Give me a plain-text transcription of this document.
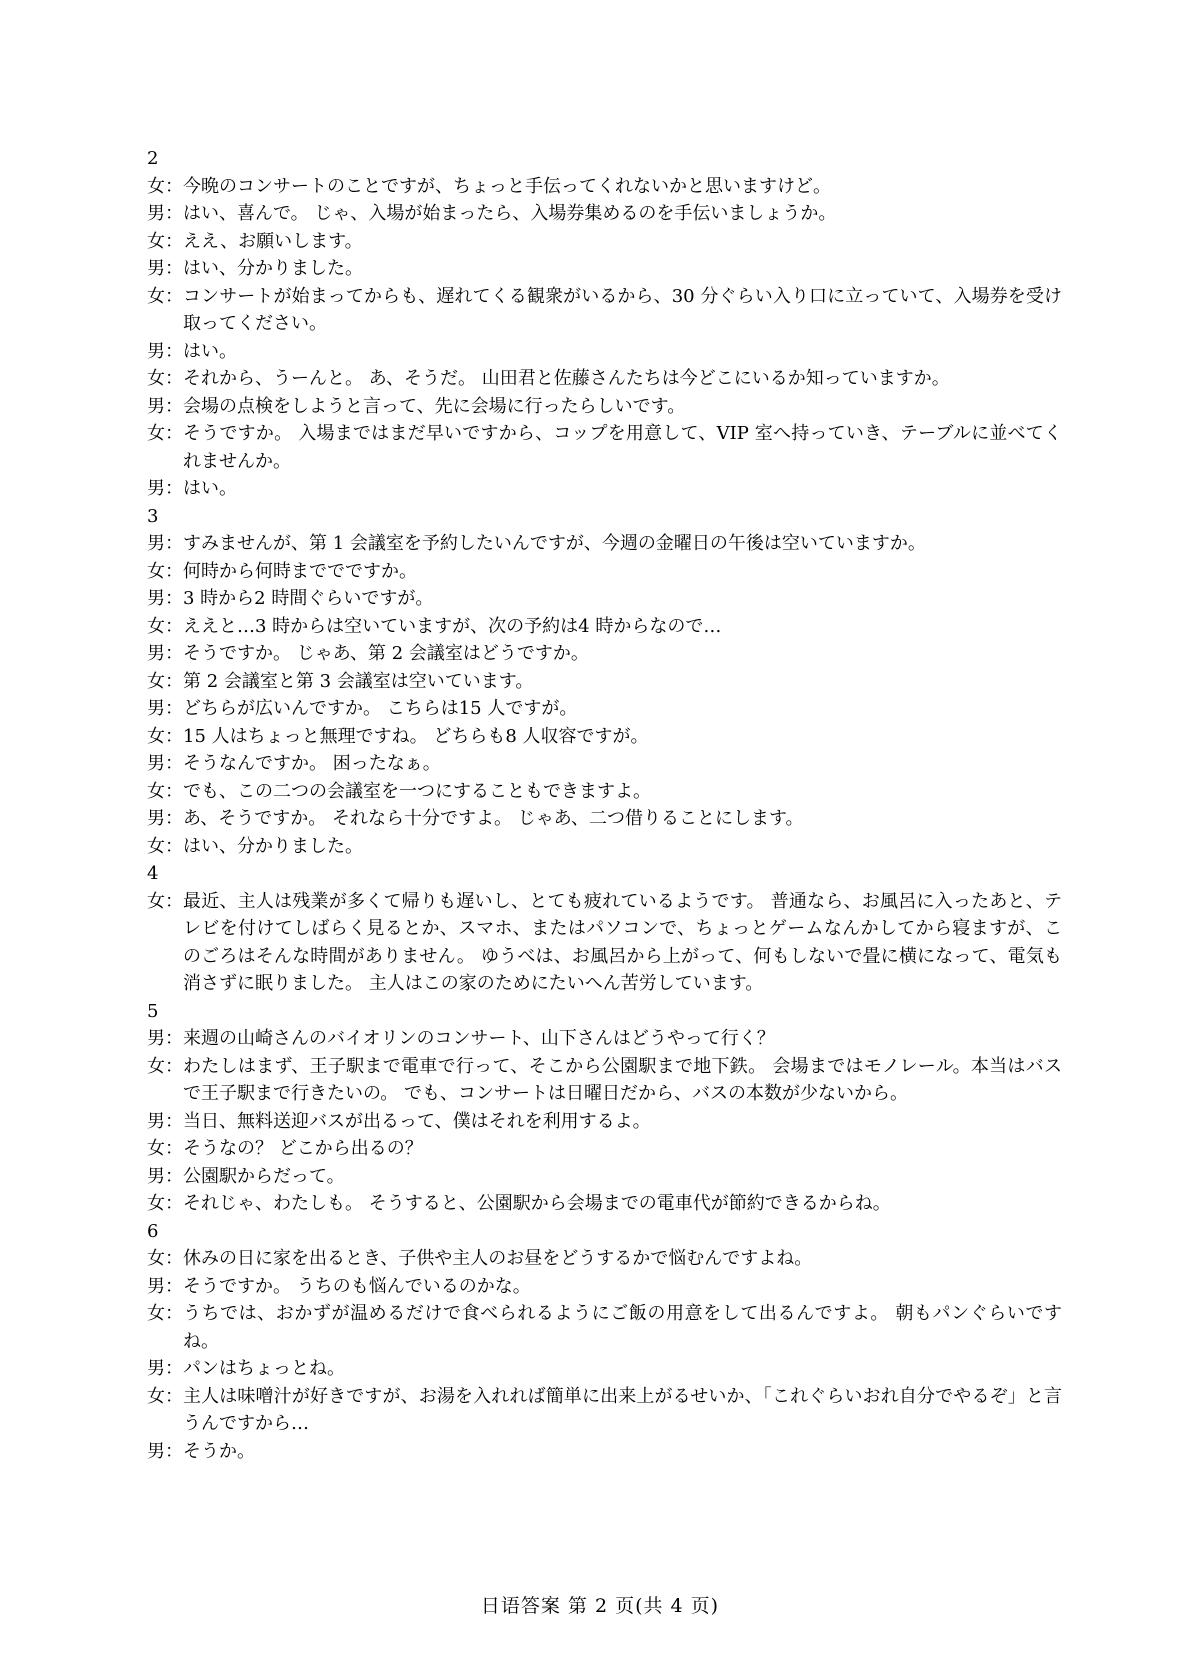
2
女： 今晩のコンサートのことですが、ちょっと手伝ってくれないかと思いますけど。
男： はい、喜んで。 じゃ、入場が始まったら、入場券集めるのを手伝いましょうか。
女： ええ、お願いします。
男： はい、分かりました。
女： コンサートが始まってからも、遅れてくる観衆がいるから、30 分ぐらい入り口に立っていて、入場券を受け取ってください。
男： はい。
女： それから、うーんと。 あ、そうだ。 山田君と佐藤さんたちは今どこにいるか知っていますか。
男： 会場の点検をしようと言って、先に会場に行ったらしいです。
女： そうですか。 入場まではまだ早いですから、コップを用意して、VIP 室へ持っていき、テーブルに並べてくれませんか。
男： はい。
3
男： すみませんが、第 1 会議室を予約したいんですが、今週の金曜日の午後は空いていますか。
女： 何時から何時まででですか。
男： 3 時から2 時間ぐらいですが。
女： ええと…3 時からは空いていますが、次の予約は4 時からなので…
男： そうですか。 じゃあ、第 2 会議室はどうですか。
女： 第 2 会議室と第 3 会議室は空いています。
男： どちらが広いんですか。 こちらは15 人ですが。
女： 15 人はちょっと無理ですね。 どちらも8 人収容ですが。
男： そうなんですか。 困ったなぁ。
女： でも、この二つの会議室を一つにすることもできますよ。
男： あ、そうですか。 それなら十分ですよ。 じゃあ、二つ借りることにします。
女： はい、分かりました。
4
女： 最近、主人は残業が多くて帰りも遅いし、とても疲れているようです。 普通なら、お風呂に入ったあと、テレビを付けてしばらく見るとか、スマホ、またはパソコンで、ちょっとゲームなんかしてから寝ますが、このごろはそんな時間がありません。 ゆうべは、お風呂から上がって、何もしないで畳に横になって、電気も消さずに眠りました。 主人はこの家のためにたいへん苦労しています。
5
男： 来週の山崎さんのバイオリンのコンサート、山下さんはどうやって行く？
女： わたしはまず、王子駅まで電車で行って、そこから公園駅まで地下鉄。 会場まではモノレール。本当はバスで王子駅まで行きたいの。 でも、コンサートは日曜日だから、バスの本数が少ないから。
男： 当日、無料送迎バスが出るって、僕はそれを利用するよ。
女： そうなの？ どこから出るの？
男： 公園駅からだって。
女： それじゃ、わたしも。 そうすると、公園駅から会場までの電車代が節約できるからね。
6
女： 休みの日に家を出るとき、子供や主人のお昼をどうするかで悩むんですよね。
男： そうですか。 うちのも悩んでいるのかな。
女： うちでは、おかずが温めるだけで食べられるようにご飯の用意をして出るんですよ。 朝もパンぐらいですね。
男： パンはちょっとね。
女： 主人は味噌汁が好きですが、お湯を入れれば簡単に出来上がるせいか、「これぐらいおれ自分でやるぞ」と言うんですから…
男： そうか。
日语答案 第 2 页(共 4 页)
